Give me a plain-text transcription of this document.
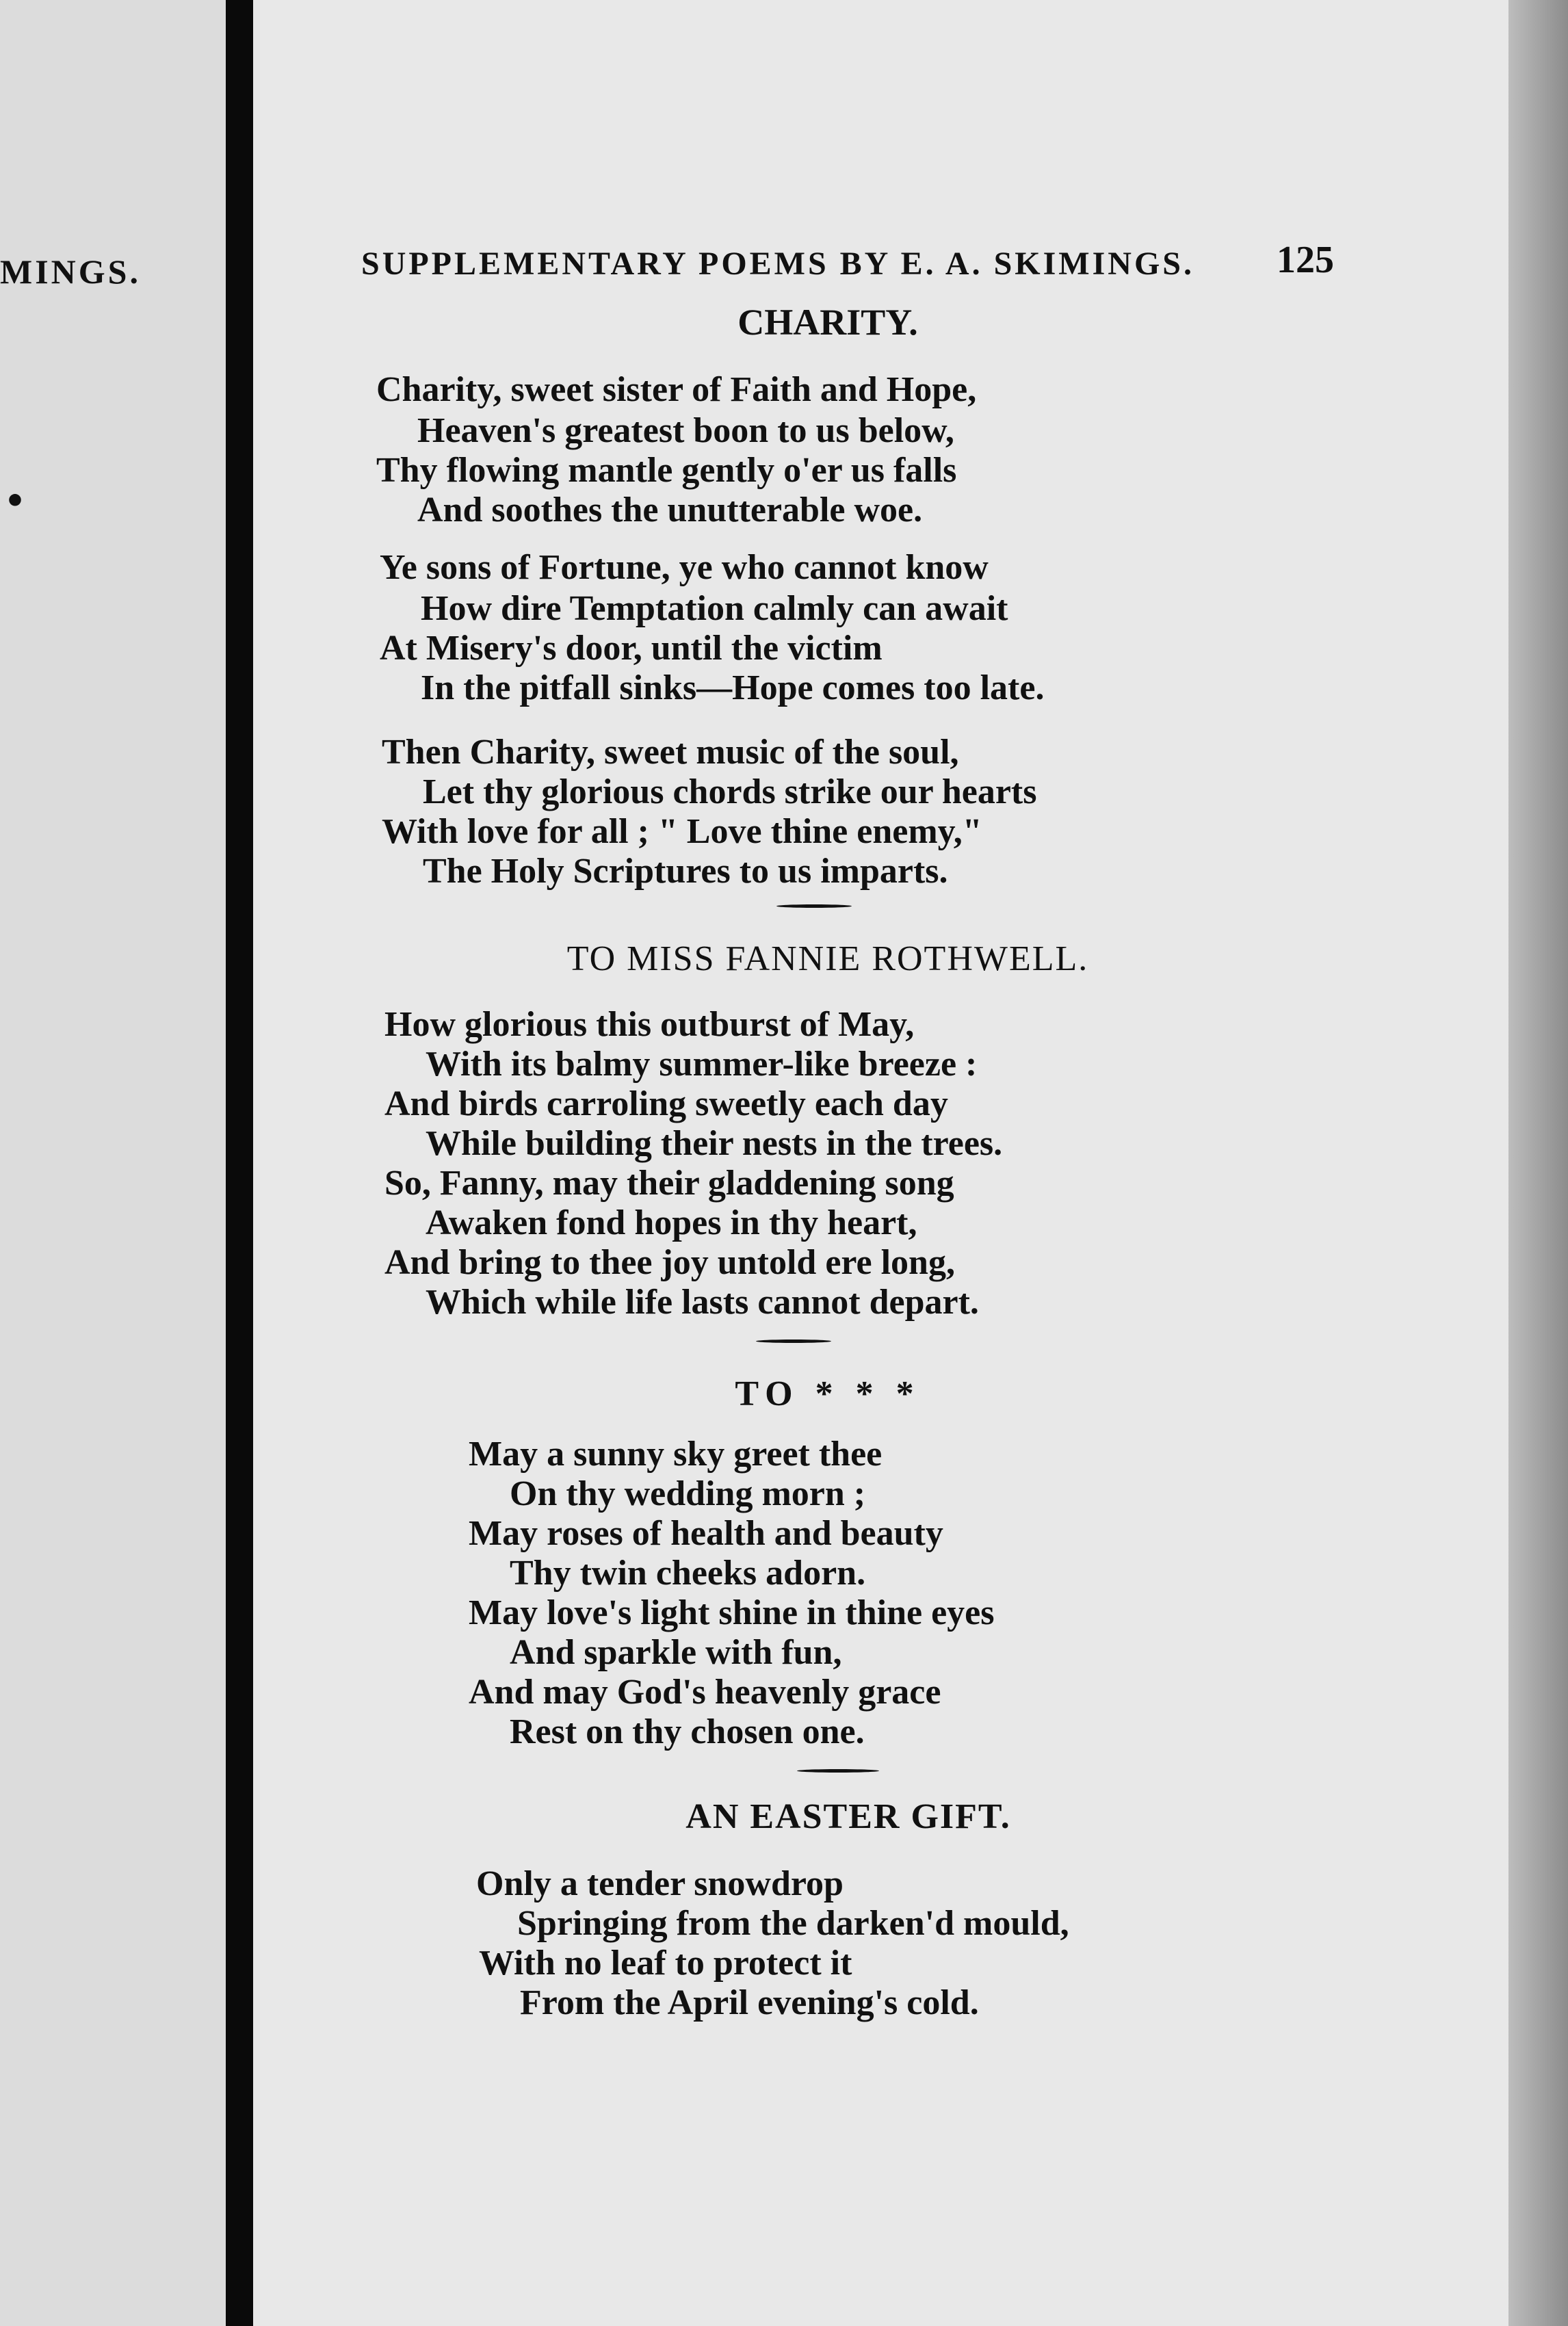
MINGS.
•
SUPPLEMENTARY POEMS BY E. A. SKIMINGS. 125
CHARITY.
Charity, sweet sister of Faith and Hope,
Heaven's greatest boon to us below,
Thy flowing mantle gently o'er us falls
And soothes the unutterable woe.
Ye sons of Fortune, ye who cannot know
How dire Temptation calmly can await
At Misery's door, until the victim
In the pitfall sinks—Hope comes too late.
Then Charity, sweet music of the soul,
Let thy glorious chords strike our hearts
With love for all ; " Love thine enemy,"
The Holy Scriptures to us imparts.
TO MISS FANNIE ROTHWELL.
How glorious this outburst of May,
With its balmy summer-like breeze :
And birds carroling sweetly each day
While building their nests in the trees.
So, Fanny, may their gladdening song
Awaken fond hopes in thy heart,
And bring to thee joy untold ere long,
Which while life lasts cannot depart.
TO * * *
May a sunny sky greet thee
On thy wedding morn ;
May roses of health and beauty
Thy twin cheeks adorn.
May love's light shine in thine eyes
And sparkle with fun,
And may God's heavenly grace
Rest on thy chosen one.
AN EASTER GIFT.
Only a tender snowdrop
Springing from the darken'd mould,
With no leaf to protect it
From the April evening's cold.
